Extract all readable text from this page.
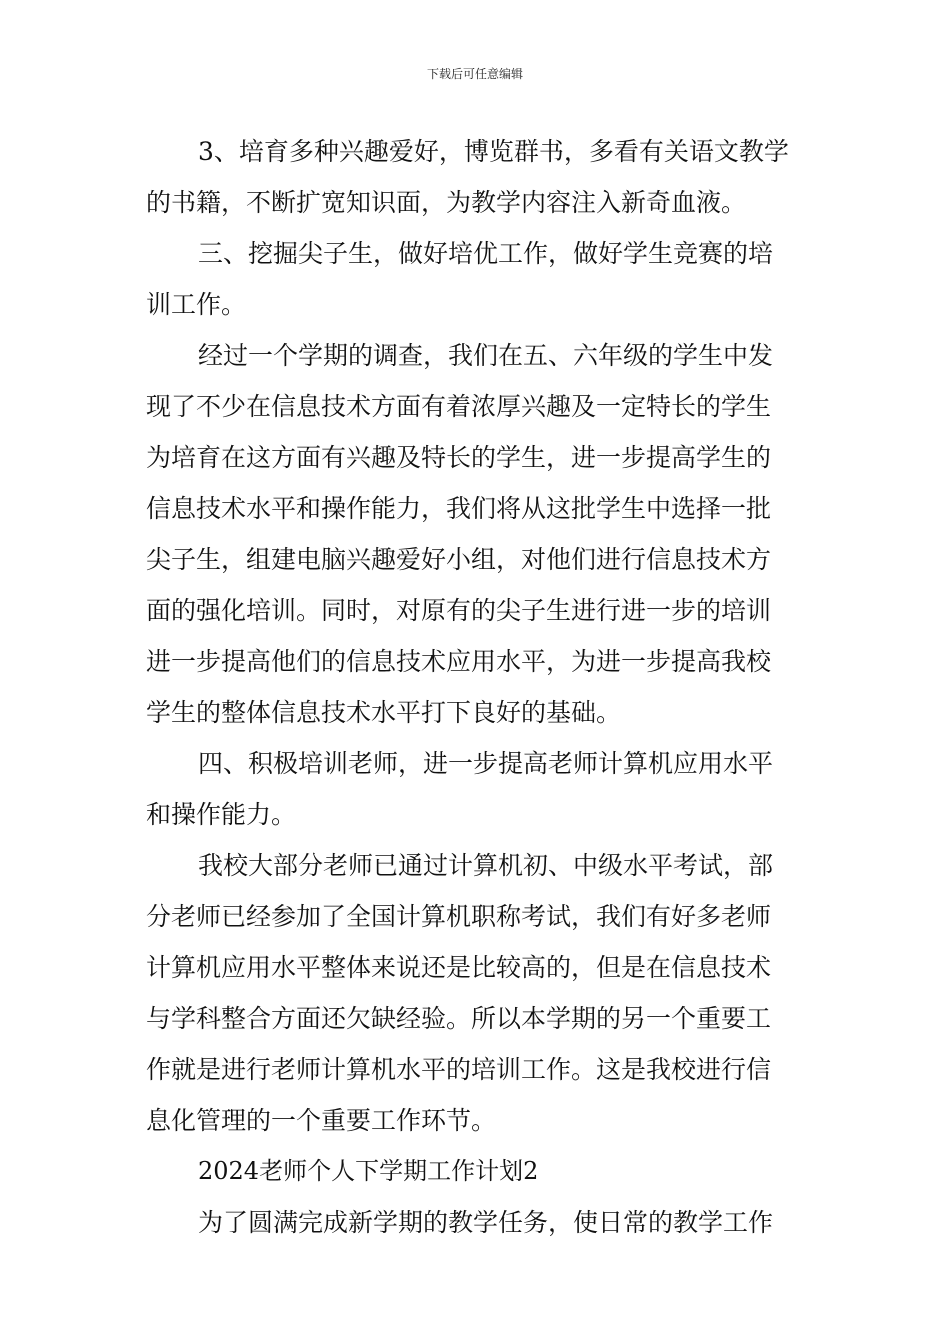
下载后可任意编辑
3、培育多种兴趣爱好，博览群书，多看有关语文教学
的书籍，不断扩宽知识面，为教学内容注入新奇血液。
三、挖掘尖子生，做好培优工作，做好学生竞赛的培
训工作。
经过一个学期的调查，我们在五、六年级的学生中发
现了不少在信息技术方面有着浓厚兴趣及一定特长的学生
为培育在这方面有兴趣及特长的学生，进一步提高学生的
信息技术水平和操作能力，我们将从这批学生中选择一批
尖子生，组建电脑兴趣爱好小组，对他们进行信息技术方
面的强化培训。同时，对原有的尖子生进行进一步的培训
进一步提高他们的信息技术应用水平，为进一步提高我校
学生的整体信息技术水平打下良好的基础。
四、积极培训老师，进一步提高老师计算机应用水平
和操作能力。
我校大部分老师已通过计算机初、中级水平考试，部
分老师已经参加了全国计算机职称考试，我们有好多老师
计算机应用水平整体来说还是比较高的，但是在信息技术
与学科整合方面还欠缺经验。所以本学期的另一个重要工
作就是进行老师计算机水平的培训工作。这是我校进行信
息化管理的一个重要工作环节。
2024老师个人下学期工作计划2
为了圆满完成新学期的教学任务，使日常的教学工作
